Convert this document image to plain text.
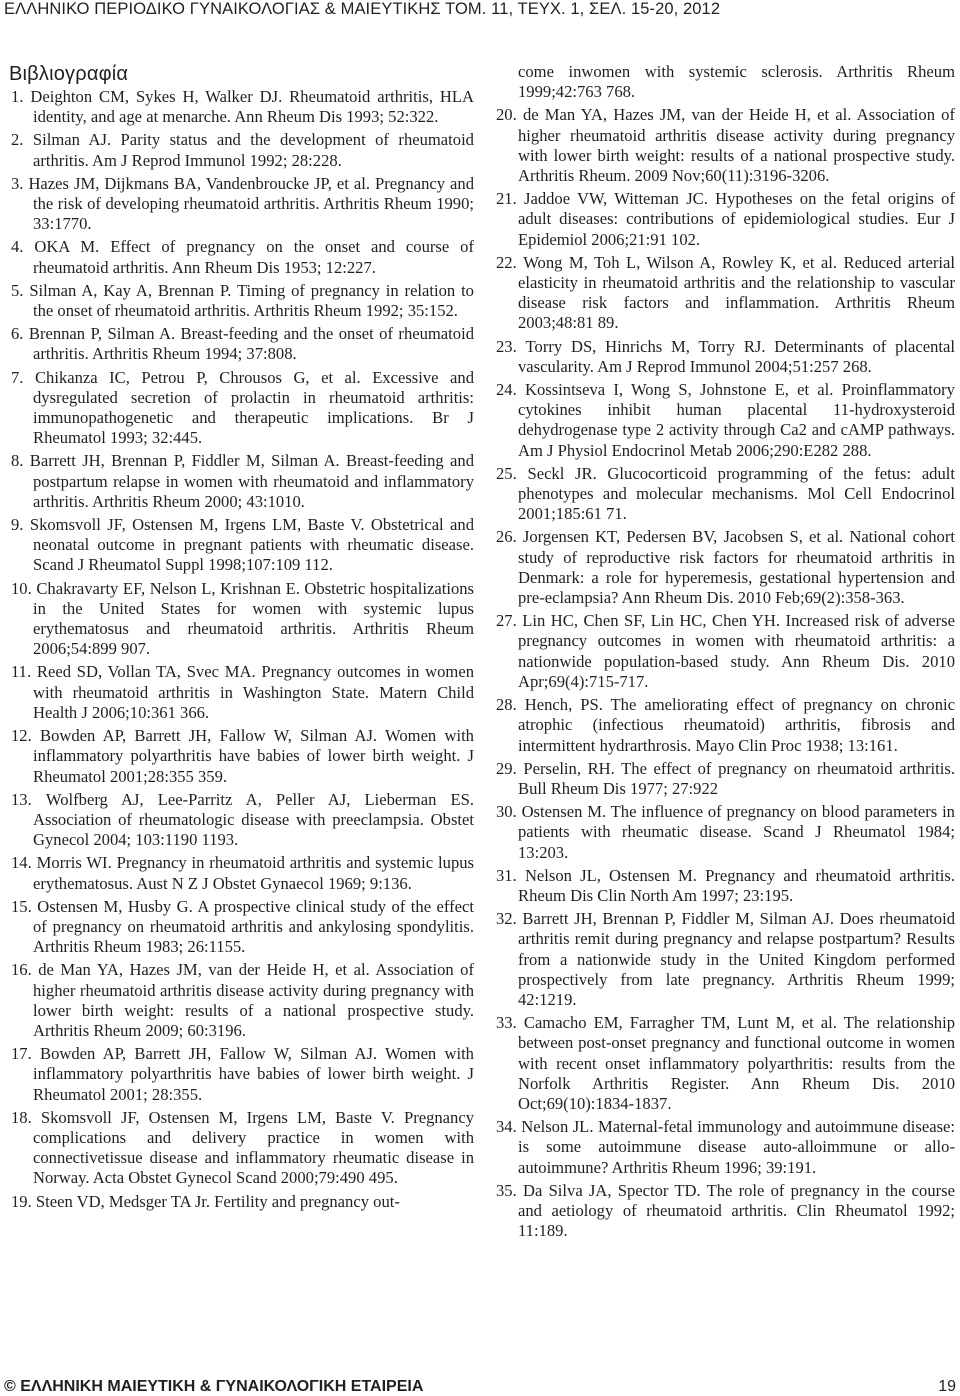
ΕΛΛΗΝΙΚΟ ΠΕΡΙΟΔΙΚΟ ΓΥΝΑΙΚΟΛΟΓΙΑΣ & ΜΑΙΕΥΤΙΚΗΣ ΤΟΜ. 11, ΤΕΥΧ. 1, ΣΕΛ. 15-20, 2012
Βιβλιογραφία
1. Deighton CM, Sykes H, Walker DJ. Rheumatoid arthritis, HLA identity, and age at menarche. Ann Rheum Dis 1993; 52:322.
2. Silman AJ. Parity status and the development of rheumatoid arthritis. Am J Reprod Immunol 1992; 28:228.
3. Hazes JM, Dijkmans BA, Vandenbroucke JP, et al. Pregnancy and the risk of developing rheumatoid arthritis. Arthritis Rheum 1990; 33:1770.
4. OKA M. Effect of pregnancy on the onset and course of rheumatoid arthritis. Ann Rheum Dis 1953; 12:227.
5. Silman A, Kay A, Brennan P. Timing of pregnancy in relation to the onset of rheumatoid arthritis. Arthritis Rheum 1992; 35:152.
6. Brennan P, Silman A. Breast-feeding and the onset of rheumatoid arthritis. Arthritis Rheum 1994; 37:808.
7. Chikanza IC, Petrou P, Chrousos G, et al. Excessive and dysregulated secretion of prolactin in rheumatoid arthritis: immunopathogenetic and therapeutic implications. Br J Rheumatol 1993; 32:445.
8. Barrett JH, Brennan P, Fiddler M, Silman A. Breast-feeding and postpartum relapse in women with rheumatoid and inflammatory arthritis. Arthritis Rheum 2000; 43:1010.
9. Skomsvoll JF, Ostensen M, Irgens LM, Baste V. Obstetrical and neonatal outcome in pregnant patients with rheumatic disease. Scand J Rheumatol Suppl 1998;107:109 112.
10. Chakravarty EF, Nelson L, Krishnan E. Obstetric hospitalizations in the United States for women with systemic lupus erythematosus and rheumatoid arthritis. Arthritis Rheum 2006;54:899 907.
11. Reed SD, Vollan TA, Svec MA. Pregnancy outcomes in women with rheumatoid arthritis in Washington State. Matern Child Health J 2006;10:361 366.
12. Bowden AP, Barrett JH, Fallow W, Silman AJ. Women with inflammatory polyarthritis have babies of lower birth weight. J Rheumatol 2001;28:355 359.
13. Wolfberg AJ, Lee-Parritz A, Peller AJ, Lieberman ES. Association of rheumatologic disease with preeclampsia. Obstet Gynecol 2004; 103:1190 1193.
14. Morris WI. Pregnancy in rheumatoid arthritis and systemic lupus erythematosus. Aust N Z J Obstet Gynaecol 1969; 9:136.
15. Ostensen M, Husby G. A prospective clinical study of the effect of pregnancy on rheumatoid arthritis and ankylosing spondylitis. Arthritis Rheum 1983; 26:1155.
16. de Man YA, Hazes JM, van der Heide H, et al. Association of higher rheumatoid arthritis disease activity during pregnancy with lower birth weight: results of a national prospective study. Arthritis Rheum 2009; 60:3196.
17. Bowden AP, Barrett JH, Fallow W, Silman AJ. Women with inflammatory polyarthritis have babies of lower birth weight. J Rheumatol 2001; 28:355.
18. Skomsvoll JF, Ostensen M, Irgens LM, Baste V. Pregnancy complications and delivery practice in women with connectivetissue disease and inflammatory rheumatic disease in Norway. Acta Obstet Gynecol Scand 2000;79:490 495.
19. Steen VD, Medsger TA Jr. Fertility and pregnancy out-
come inwomen with systemic sclerosis. Arthritis Rheum 1999;42:763 768.
20. de Man YA, Hazes JM, van der Heide H, et al. Association of higher rheumatoid arthritis disease activity during pregnancy with lower birth weight: results of a national prospective study. Arthritis Rheum. 2009 Nov;60(11):3196-3206.
21. Jaddoe VW, Witteman JC. Hypotheses on the fetal origins of adult diseases: contributions of epidemiological studies. Eur J Epidemiol 2006;21:91 102.
22. Wong M, Toh L, Wilson A, Rowley K, et al. Reduced arterial elasticity in rheumatoid arthritis and the relationship to vascular disease risk factors and inflammation. Arthritis Rheum 2003;48:81 89.
23. Torry DS, Hinrichs M, Torry RJ. Determinants of placental vascularity. Am J Reprod Immunol 2004;51:257 268.
24. Kossintseva I, Wong S, Johnstone E, et al. Proinflammatory cytokines inhibit human placental 11-hydroxysteroid dehydrogenase type 2 activity through Ca2 and cAMP pathways. Am J Physiol Endocrinol Metab 2006;290:E282 288.
25. Seckl JR. Glucocorticoid programming of the fetus: adult phenotypes and molecular mechanisms. Mol Cell Endocrinol 2001;185:61 71.
26. Jorgensen KT, Pedersen BV, Jacobsen S, et al. National cohort study of reproductive risk factors for rheumatoid arthritis in Denmark: a role for hyperemesis, gestational hypertension and pre-eclampsia? Ann Rheum Dis. 2010 Feb;69(2):358-363.
27. Lin HC, Chen SF, Lin HC, Chen YH. Increased risk of adverse pregnancy outcomes in women with rheumatoid arthritis: a nationwide population-based study. Ann Rheum Dis. 2010 Apr;69(4):715-717.
28. Hench, PS. The ameliorating effect of pregnancy on chronic atrophic (infectious rheumatoid) arthritis, fibrosis and intermittent hydrarthrosis. Mayo Clin Proc 1938; 13:161.
29. Perselin, RH. The effect of pregnancy on rheumatoid arthritis. Bull Rheum Dis 1977; 27:922
30. Ostensen M. The influence of pregnancy on blood parameters in patients with rheumatic disease. Scand J Rheumatol 1984; 13:203.
31. Nelson JL, Ostensen M. Pregnancy and rheumatoid arthritis. Rheum Dis Clin North Am 1997; 23:195.
32. Barrett JH, Brennan P, Fiddler M, Silman AJ. Does rheumatoid arthritis remit during pregnancy and relapse postpartum? Results from a nationwide study in the United Kingdom performed prospectively from late pregnancy. Arthritis Rheum 1999; 42:1219.
33. Camacho EM, Farragher TM, Lunt M, et al. The relationship between post-onset pregnancy and functional outcome in women with recent onset inflammatory polyarthritis: results from the Norfolk Arthritis Register. Ann Rheum Dis. 2010 Oct;69(10):1834-1837.
34. Nelson JL. Maternal-fetal immunology and autoimmune disease: is some autoimmune disease auto-alloimmune or allo-autoimmune? Arthritis Rheum 1996; 39:191.
35. Da Silva JA, Spector TD. The role of pregnancy in the course and aetiology of rheumatoid arthritis. Clin Rheumatol 1992; 11:189.
© ΕΛΛΗΝΙΚΗ ΜΑΙΕΥΤΙΚΗ & ΓΥΝΑΙΚΟΛΟΓΙΚΗ ΕΤΑΙΡΕΙΑ	19
